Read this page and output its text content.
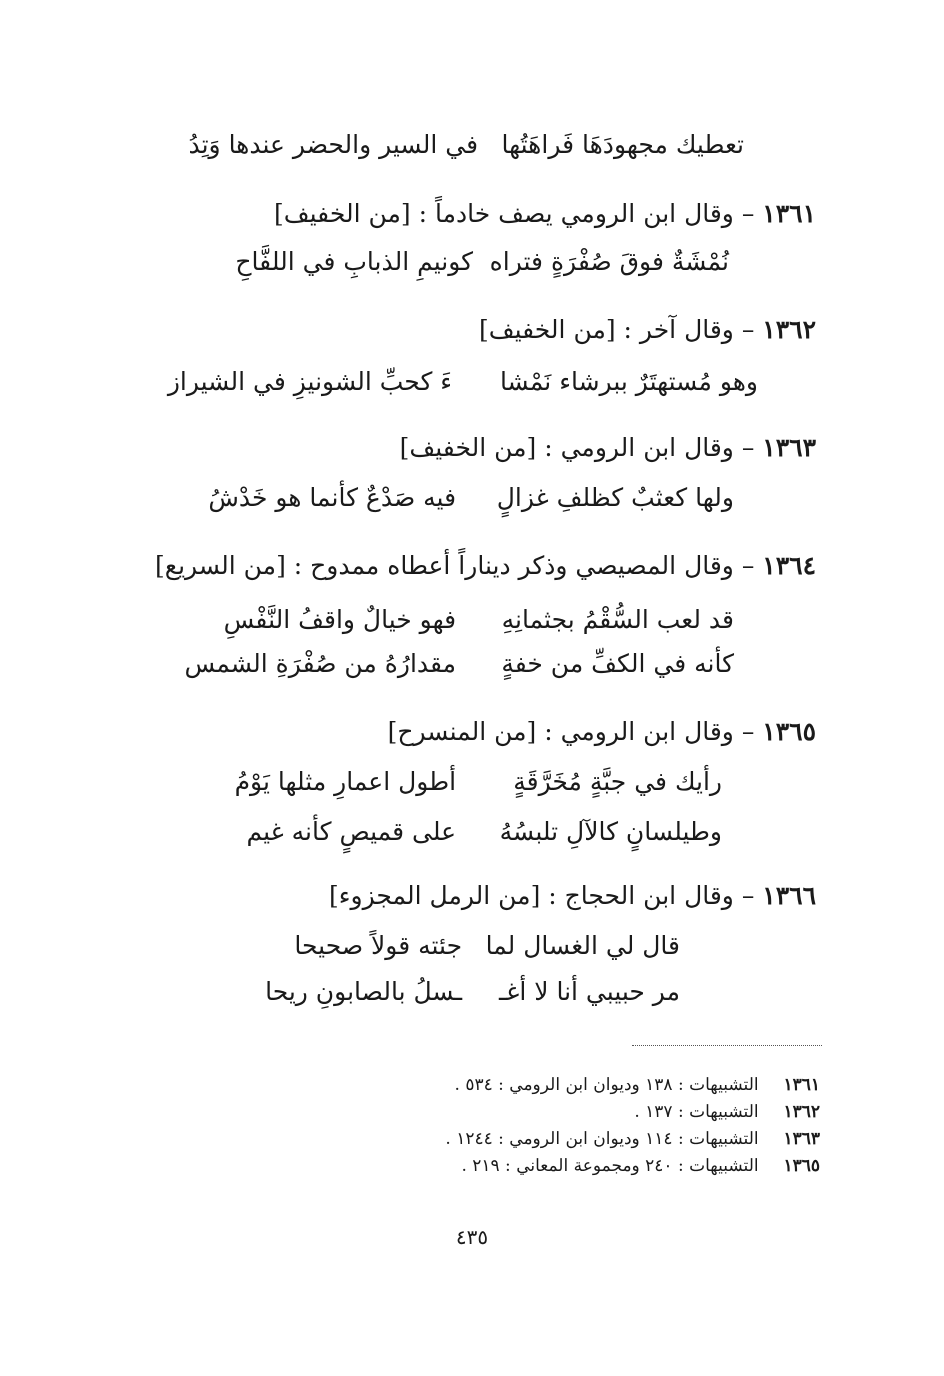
تعطيك مجهودَهَا فَراهَتُها في السير والحضر عندها وَتِدُ
١٣٦١ – وقال ابن الرومي يصف خادماً : [من الخفيف]
نُمْشَةٌ فوقَ صُفْرَةٍ فتراه كونيمِ الذبابِ في اللفَّاحِ
١٣٦٢ – وقال آخر : [من الخفيف]
وهو مُستهتَرٌ ببرشاء نَمْشا ءَ كحبِّ الشونيزِ في الشيراز
١٣٦٣ – وقال ابن الرومي : [من الخفيف]
ولها كعثبٌ كظلفِ غزالٍ فيه صَدْعٌ كأنما هو خَدْشُ
١٣٦٤ – وقال المصيصي وذكر ديناراً أعطاه ممدوح : [من السريع]
قد لعب السُّقْمُ بجثمانِهِ فهو خيالٌ واقفُ النَّفْسِ
كأنه في الكفِّ من خفةٍ مقدارُهُ من صُفْرَةِ الشمس
١٣٦٥ – وقال ابن الرومي : [من المنسرح]
رأيك في جبَّةٍ مُخَرَّقَةٍ أطول اعمارِ مثلها يَوْمُ
وطيلسانٍ كالآلِ تلبسُهُ على قميصٍ كأنه غيم
١٣٦٦ – وقال ابن الحجاج : [من الرمل المجزوء]
قال لي الغسال لما جئته قولاً صحيحا
مر حبيبي أنا لا أغـ ـسلُ بالصابونِ ريحا
١٣٦١ التشبيهات : ١٣٨ وديوان ابن الرومي : ٥٣٤ .
١٣٦٢ التشبيهات : ١٣٧ .
١٣٦٣ التشبيهات : ١١٤ وديوان ابن الرومي : ١٢٤٤ .
١٣٦٥ التشبيهات : ٢٤٠ ومجموعة المعاني : ٢١٩ .
٤٣٥
